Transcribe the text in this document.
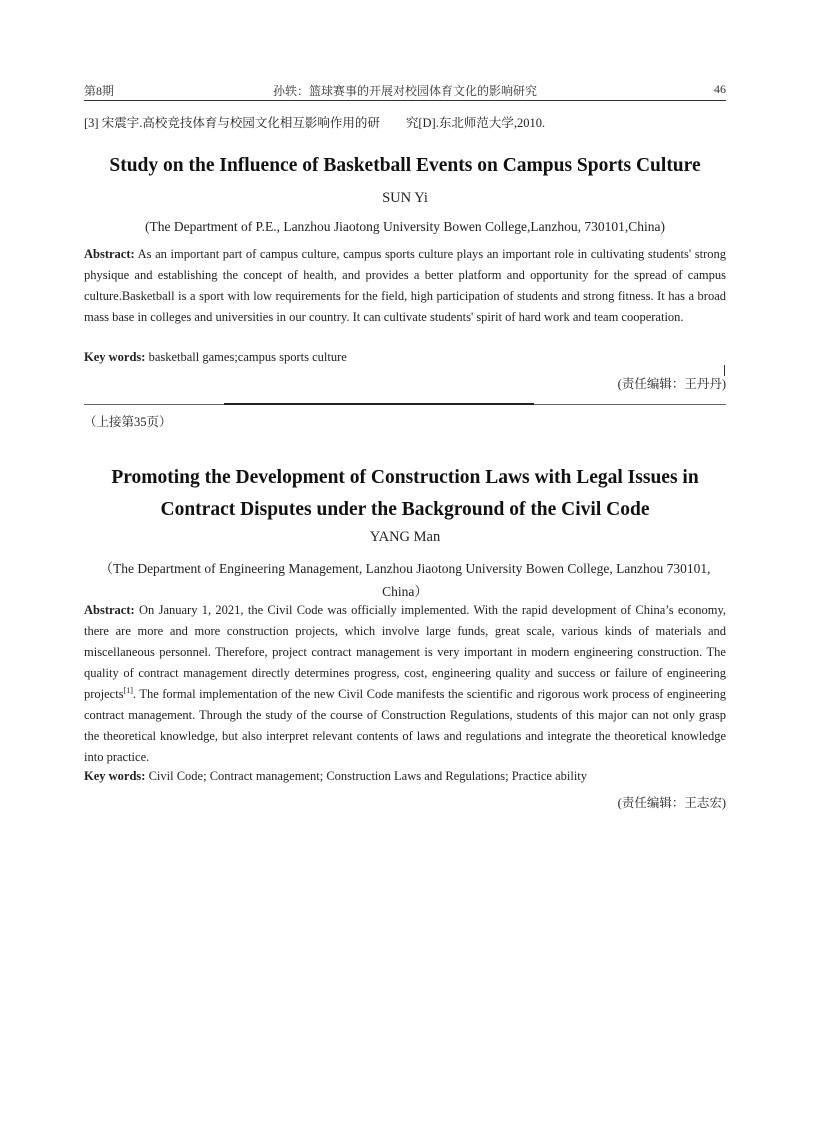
第8期	孙轶：篮球赛事的开展对校园体育文化的影响研究	46
[3] 宋震宇.高校竞技体育与校园文化相互影响作用的研 究[D].东北师范大学,2010.
Study on the Influence of Basketball Events on Campus Sports Culture
SUN Yi
(The Department of P.E., Lanzhou Jiaotong University Bowen College,Lanzhou, 730101,China)
Abstract: As an important part of campus culture, campus sports culture plays an important role in cultivating students' strong physique and establishing the concept of health, and provides a better platform and opportunity for the spread of campus culture.Basketball is a sport with low requirements for the field, high participation of students and strong fitness. It has a broad mass base in colleges and universities in our country. It can cultivate students' spirit of hard work and team cooperation.
Key words: basketball games;campus sports culture
(责任编辑：王丹丹)
（上接第35页）
Promoting the Development of Construction Laws with Legal Issues in
Contract Disputes under the Background of the Civil Code
YANG Man
（The Department of Engineering Management, Lanzhou Jiaotong University Bowen College, Lanzhou 730101,
China）
Abstract: On January 1, 2021, the Civil Code was officially implemented. With the rapid development of China’s economy, there are more and more construction projects, which involve large funds, great scale, various kinds of materials and miscellaneous personnel. Therefore, project contract management is very important in modern engineering construction. The quality of contract management directly determines progress, cost, engineering quality and success or failure of engineering projects[1]. The formal implementation of the new Civil Code manifests the scientific and rigorous work process of engineering contract management. Through the study of the course of Construction Regulations, students of this major can not only grasp the theoretical knowledge, but also interpret relevant contents of laws and regulations and integrate the theoretical knowledge into practice.
Key words: Civil Code; Contract management; Construction Laws and Regulations; Practice ability
(责任编辑：王志宏)
